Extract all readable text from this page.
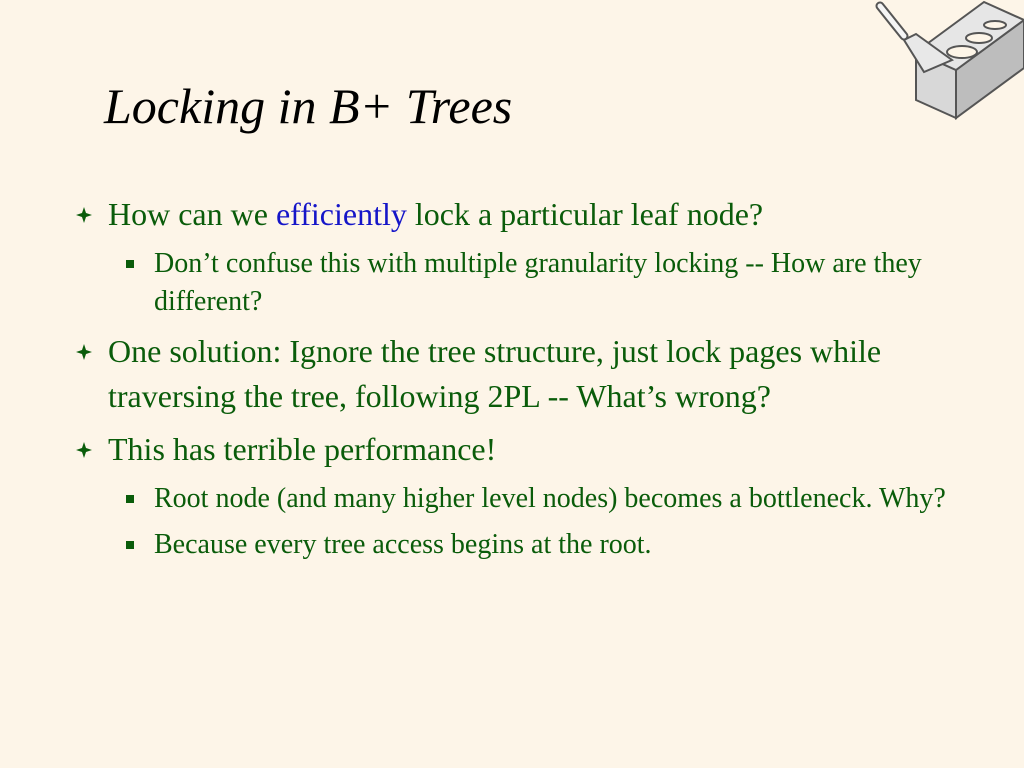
Locking in B+ Trees
How can we efficiently lock a particular leaf node?
Don’t confuse this with multiple granularity locking -- How are they different?
One solution: Ignore the tree structure, just lock pages while traversing the tree, following 2PL -- What’s wrong?
This has terrible performance!
Root node (and many higher level nodes) becomes a bottleneck. Why?
Because every tree access begins at the root.
